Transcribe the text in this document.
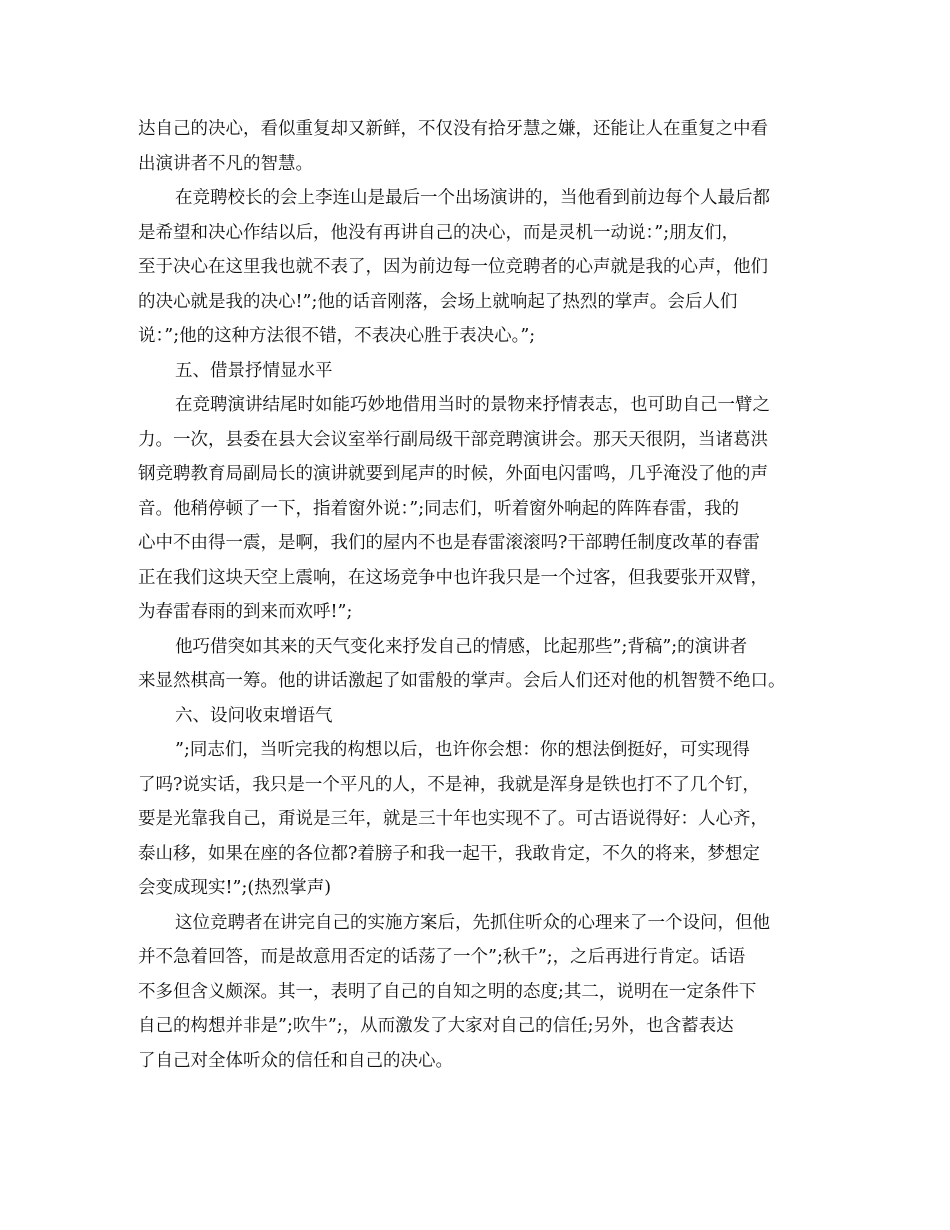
达自己的决心，看似重复却又新鲜，不仅没有拾牙慧之嫌，还能让人在重复之中看
出演讲者不凡的智慧。
在竞聘校长的会上李连山是最后一个出场演讲的，当他看到前边每个人最后都
是希望和决心作结以后，他没有再讲自己的决心，而是灵机一动说：”;朋友们，
至于决心在这里我也就不表了，因为前边每一位竞聘者的心声就是我的心声，他们
的决心就是我的决心!”;他的话音刚落，会场上就响起了热烈的掌声。会后人们
说：”;他的这种方法很不错，不表决心胜于表决心。”;
五、借景抒情显水平
在竞聘演讲结尾时如能巧妙地借用当时的景物来抒情表志，也可助自己一臂之
力。一次，县委在县大会议室举行副局级干部竞聘演讲会。那天天很阴，当诸葛洪
钢竞聘教育局副局长的演讲就要到尾声的时候，外面电闪雷鸣，几乎淹没了他的声
音。他稍停顿了一下，指着窗外说：”;同志们，听着窗外响起的阵阵春雷，我的
心中不由得一震，是啊，我们的屋内不也是春雷滚滚吗?干部聘任制度改革的春雷
正在我们这块天空上震响，在这场竞争中也许我只是一个过客，但我要张开双臂，
为春雷春雨的到来而欢呼!”;
他巧借突如其来的天气变化来抒发自己的情感，比起那些”;背稿”;的演讲者
来显然棋高一筹。他的讲话激起了如雷般的掌声。会后人们还对他的机智赞不绝口。
六、设问收束增语气
”;同志们，当听完我的构想以后，也许你会想：你的想法倒挺好，可实现得
了吗?说实话，我只是一个平凡的人，不是神，我就是浑身是铁也打不了几个钉，
要是光靠我自己，甭说是三年，就是三十年也实现不了。可古语说得好：人心齐，
泰山移，如果在座的各位都?着膀子和我一起干，我敢肯定，不久的将来，梦想定
会变成现实!”;(热烈掌声)
这位竞聘者在讲完自己的实施方案后，先抓住听众的心理来了一个设问，但他
并不急着回答，而是故意用否定的话荡了一个”;秋千”;，之后再进行肯定。话语
不多但含义颇深。其一，表明了自己的自知之明的态度;其二，说明在一定条件下
自己的构想并非是”;吹牛”;，从而激发了大家对自己的信任;另外，也含蓄表达
了自己对全体听众的信任和自己的决心。
